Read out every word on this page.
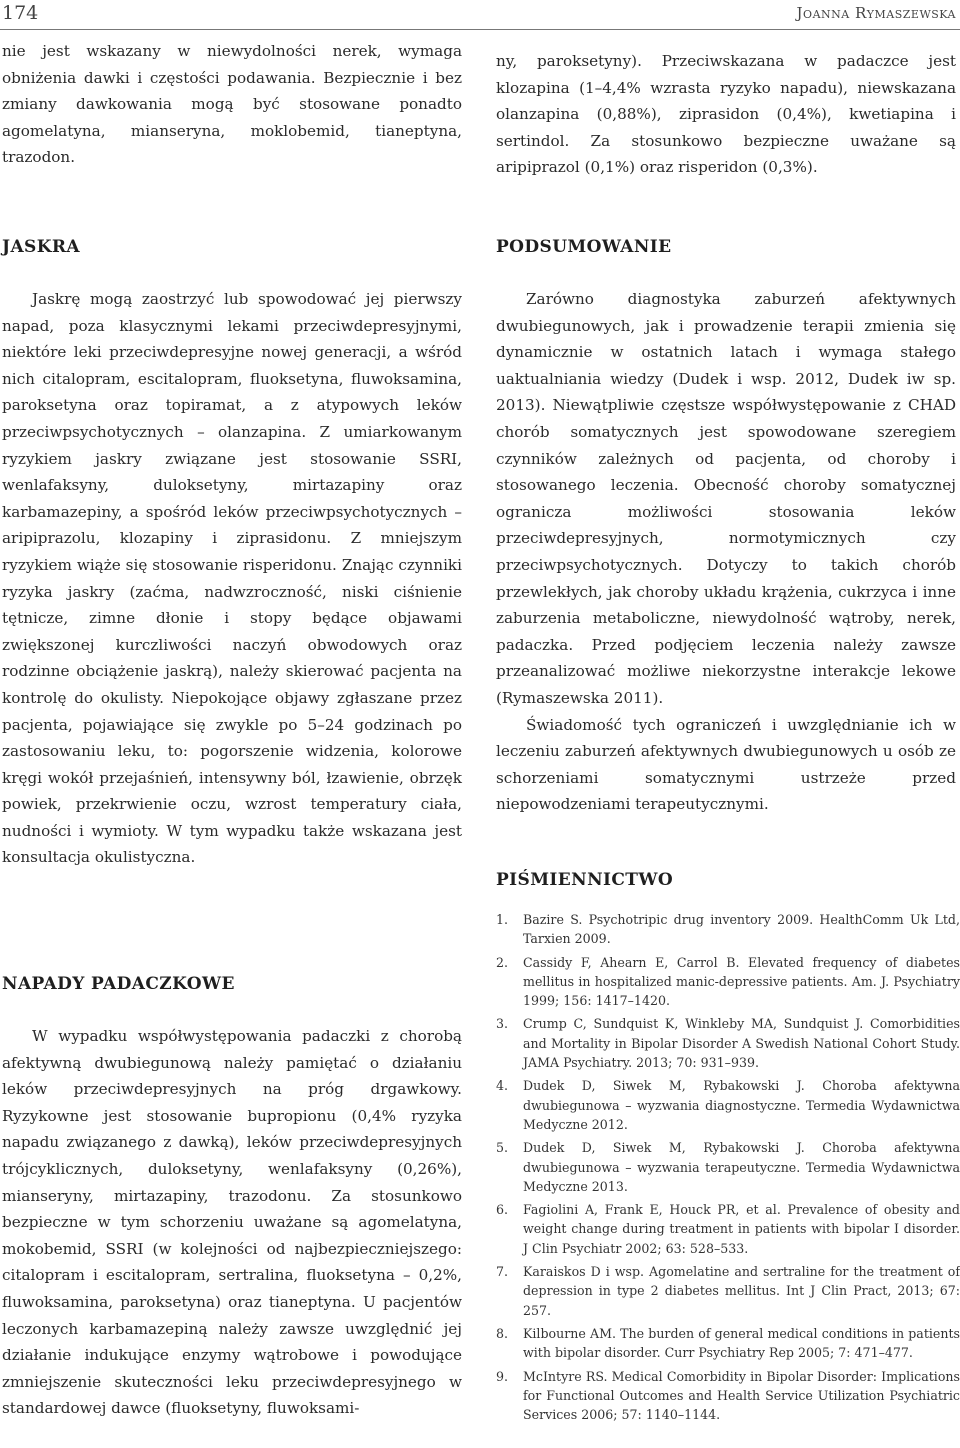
174	Joanna Rymaszewska

nie jest wskazany w niewydolności nerek, wymaga obniżenia dawki i częstości podawania. Bezpiecznie i bez zmiany dawkowania mogą być stosowane ponadto agomelatyna, mianseryna, moklobemid, tianeptyna, trazodon.

JASKRA

Jaskrę mogą zaostrzyć lub spowodować jej pierwszy napad, poza klasycznymi lekami przeciwdepresyjnymi, niektóre leki przeciwdepresyjne nowej generacji, a wśród nich citalopram, escitalopram, fluoksetyna, fluwoksamina, paroksetyna oraz topiramat, a z atypowych leków przeciwpsychotycznych – olanzapina. Z umiarkowanym ryzykiem jaskry związane jest stosowanie SSRI, wenlafaksyny, duloksetyny, mirtazapiny oraz karbamazepiny, a spośród leków przeciwpsychotycznych – aripiprazolu, klozapiny i ziprasidonu. Z mniejszym ryzykiem wiąże się stosowanie risperidonu. Znając czynniki ryzyka jaskry (zaćma, nadwzroczność, niski ciśnienie tętnicze, zimne dłonie i stopy będące objawami zwiększonej kurczliwości naczyń obwodowych oraz rodzinne obciążenie jaskrą), należy skierować pacjenta na kontrolę do okulisty. Niepokojące objawy zgłaszane przez pacjenta, pojawiające się zwykle po 5–24 godzinach po zastosowaniu leku, to: pogorszenie widzenia, kolorowe kręgi wokół przejaśnień, intensywny ból, łzawienie, obrzęk powiek, przekrwienie oczu, wzrost temperatury ciała, nudności i wymioty. W tym wypadku także wskazana jest konsultacja okulistyczna.

NAPADY PADACZKOWE

W wypadku współwystępowania padaczki z chorobą afektywną dwubiegunową należy pamiętać o działaniu leków przeciwdepresyjnych na próg drgawkowy. Ryzykowne jest stosowanie bupropionu (0,4% ryzyka napadu związanego z dawką), leków przeciwdepresyjnych trójcyklicznych, duloksetyny, wenlafaksyny (0,26%), mianseryny, mirtazapiny, trazodonu. Za stosunkowo bezpieczne w tym schorzeniu uważane są agomelatyna, mokobemid, SSRI (w kolejności od najbezpieczniejszego: citalopram i escitalopram, sertralina, fluoksetyna – 0,2%, fluwoksamina, paroksetyna) oraz tianeptyna. U pacjentów leczonych karbamazepiną należy zawsze uwzględnić jej działanie indukujące enzymy wątrobowe i powodujące zmniejszenie skuteczności leku przeciwdepresyjnego w standardowej dawce (fluoksetyny, fluwoksami-

ny, paroksetyny). Przeciwskazana w padaczce jest klozapina (1–4,4% wzrasta ryzyko napadu), niewskazana olanzapina (0,88%), ziprasidon (0,4%), kwetiapina i sertindol. Za stosunkowo bezpieczne uważane są aripiprazol (0,1%) oraz risperidon (0,3%).

PODSUMOWANIE

Zarówno diagnostyka zaburzeń afektywnych dwubiegunowych, jak i prowadzenie terapii zmienia się dynamicznie w ostatnich latach i wymaga stałego uaktualniania wiedzy (Dudek i wsp. 2012, Dudek iw sp. 2013). Niewątpliwie częstsze współwystępowanie z CHAD chorób somatycznych jest spowodowane szeregiem czynników zależnych od pacjenta, od choroby i stosowanego leczenia. Obecność choroby somatycznej ogranicza możliwości stosowania leków przeciwdepresyjnych, normotymicznych czy przeciwpsychotycznych. Dotyczy to takich chorób przewlekłych, jak choroby układu krążenia, cukrzyca i inne zaburzenia metaboliczne, niewydolność wątroby, nerek, padaczka. Przed podjęciem leczenia należy zawsze przeanalizować możliwe niekorzystne interakcje lekowe (Rymaszewska 2011).

Świadomość tych ograniczeń i uwzględnianie ich w leczeniu zaburzeń afektywnych dwubiegunowych u osób ze schorzeniami somatycznymi ustrzeże przed niepowodzeniami terapeutycznymi.

PIŚMIENNICTWO
1. Bazire S. Psychotripic drug inventory 2009. HealthComm Uk Ltd, Tarxien 2009.
2. Cassidy F, Ahearn E, Carrol B. Elevated frequency of diabetes mellitus in hospitalized manic-depressive patients. Am. J. Psychiatry 1999; 156: 1417–1420.
3. Crump C, Sundquist K, Winkleby MA, Sundquist J. Comorbidities and Mortality in Bipolar Disorder A Swedish National Cohort Study. JAMA Psychiatry. 2013; 70: 931–939.
4. Dudek D, Siwek M, Rybakowski J. Choroba afektywna dwubiegunowa – wyzwania diagnostyczne. Termedia Wydawnictwa Medyczne 2012.
5. Dudek D, Siwek M, Rybakowski J. Choroba afektywna dwubiegunowa – wyzwania terapeutyczne. Termedia Wydawnictwa Medyczne 2013.
6. Fagiolini A, Frank E, Houck PR, et al. Prevalence of obesity and weight change during treatment in patients with bipolar I disorder. J Clin Psychiatr 2002; 63: 528–533.
7. Karaiskos D i wsp. Agomelatine and sertraline for the treatment of depression in type 2 diabetes mellitus. Int J Clin Pract, 2013; 67: 257.
8. Kilbourne AM. The burden of general medical conditions in patients with bipolar disorder. Curr Psychiatry Rep 2005; 7: 471–477.
9. McIntyre RS. Medical Comorbidity in Bipolar Disorder: Implications for Functional Outcomes and Health Service Utilization Psychiatric Services 2006; 57: 1140–1144.
